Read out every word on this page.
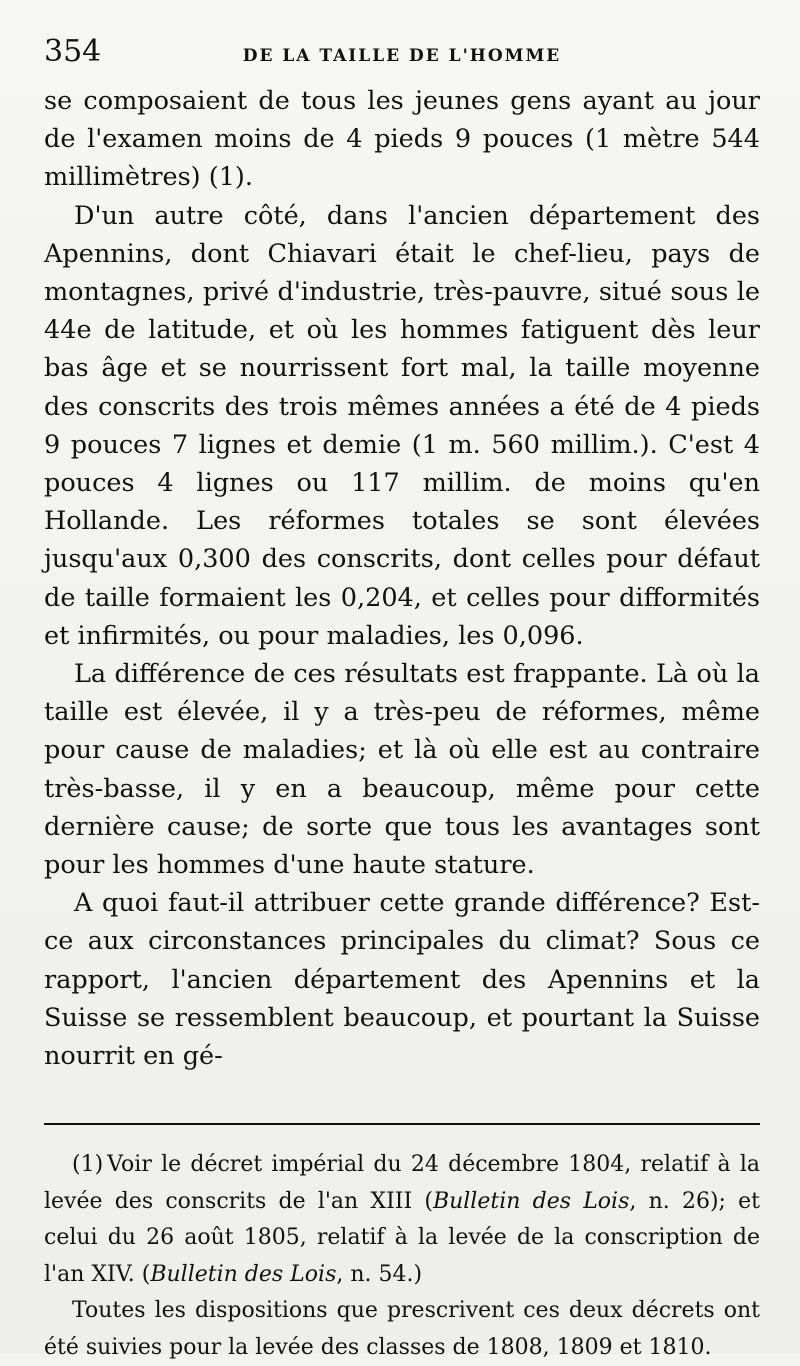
354	DE LA TAILLE DE L'HOMME

se composaient de tous les jeunes gens ayant au jour de l'examen moins de 4 pieds 9 pouces (1 mètre 544 millimètres) (1).

D'un autre côté, dans l'ancien département des Apennins, dont Chiavari était le chef-lieu, pays de montagnes, privé d'industrie, très-pauvre, situé sous le 44e de latitude, et où les hommes fatiguent dès leur bas âge et se nourrissent fort mal, la taille moyenne des conscrits des trois mêmes années a été de 4 pieds 9 pouces 7 lignes et demie (1 m. 560 millim.). C'est 4 pouces 4 lignes ou 117 millim. de moins qu'en Hollande. Les réformes totales se sont élevées jusqu'aux 0,300 des conscrits, dont celles pour défaut de taille formaient les 0,204, et celles pour difformités et infirmités, ou pour maladies, les 0,096.

La différence de ces résultats est frappante. Là où la taille est élevée, il y a très-peu de réformes, même pour cause de maladies; et là où elle est au contraire très-basse, il y en a beaucoup, même pour cette dernière cause; de sorte que tous les avantages sont pour les hommes d'une haute stature.

A quoi faut-il attribuer cette grande différence? Est-ce aux circonstances principales du climat? Sous ce rapport, l'ancien département des Apennins et la Suisse se ressemblent beaucoup, et pourtant la Suisse nourrit en gé-

(1) Voir le décret impérial du 24 décembre 1804, relatif à la levée des conscrits de l'an XIII (Bulletin des Lois, n. 26); et celui du 26 août 1805, relatif à la levée de la conscription de l'an XIV. (Bulletin des Lois, n. 54.)

Toutes les dispositions que prescrivent ces deux décrets ont été suivies pour la levée des classes de 1808, 1809 et 1810.
